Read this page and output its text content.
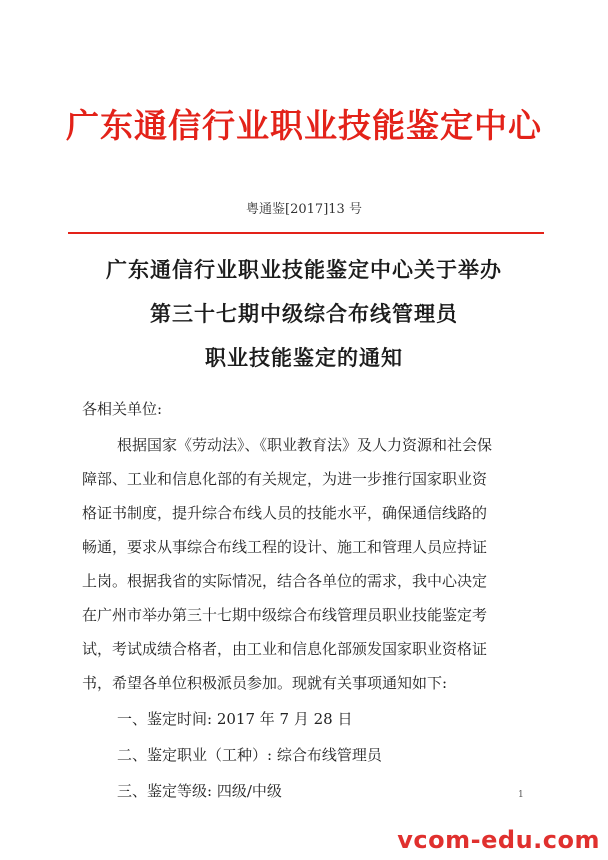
广东通信行业职业技能鉴定中心
粤通鉴[2017]13 号
广东通信行业职业技能鉴定中心关于举办
第三十七期中级综合布线管理员
职业技能鉴定的通知
各相关单位:
根据国家《劳动法》、《职业教育法》及人力资源和社会保
障部、工业和信息化部的有关规定，为进一步推行国家职业资
格证书制度，提升综合布线人员的技能水平，确保通信线路的
畅通，要求从事综合布线工程的设计、施工和管理人员应持证
上岗。根据我省的实际情况，结合各单位的需求，我中心决定
在广州市举办第三十七期中级综合布线管理员职业技能鉴定考
试，考试成绩合格者，由工业和信息化部颁发国家职业资格证
书，希望各单位积极派员参加。现就有关事项通知如下:
一、鉴定时间: 2017 年 7 月 28 日
二、鉴定职业（工种）: 综合布线管理员
三、鉴定等级: 四级/中级	1
vcom-edu.com
